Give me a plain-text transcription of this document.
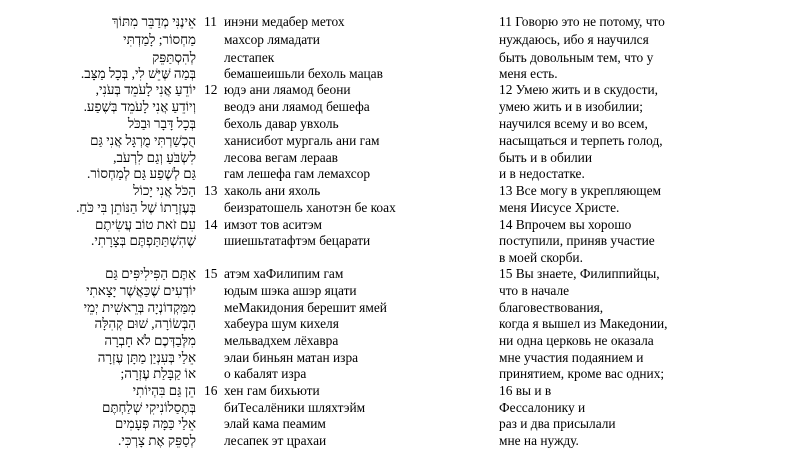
אֵינֶנִּי מְדַבֵּר מִתּוֹךְ 11 инэни медабер метох	11 Говорю это не потому, что
מַחְסוֹר; לָמַדְתִּי махсор лямадати	нуждаюсь, ибо я научился
לְהִסְתַּפֵּק лестапек	быть довольным тем, что у
בְּמַה שֶּׁיֵּשׁ לִי, בְּכָל מַצָּב. бемашеишьли бехоль мацав	меня есть.
יוֹדֵעַ אֲנִי לָעֹמֵד בְּעֹנִי, 12 юдэ ани ляамод беони	12 Умею жить и в скудости,
וְיוֹדֵעַ אֲנִי לָעֹמֵד בְּשֶׁפַע. веодэ ани ляамод бешефа	умею жить и в изобилии;
בְּכָל דָּבָר וּבַכֹּל бехоль давар увхоль	научился всему и во всем,
הֻכְשַׁרְתִּי מֻרְגָּל אֲנִי גַּם ханисибот мургаль ани гам	насыщаться и терпеть голод,
לִשְׂבֹּעַ וְגַם לִרְעֹב, лесова вегам лераав	быть и в обилии
גַּם לְשֶׁפַע גַּם לְמַחְסוֹר. гам лешефа гам лемахсор	и в недостатке.
הַכֹּל אֲנִי יָכוֹל 13 хаколь ани яхоль	13 Все могу в укрепляющем
בְּעֶזְרָתוֹ שֶׁל הַנּוֹתֵן בִּי כֹּחַ. беизратошель ханотэн бе коах	меня Иисусе Христе.
עִם זֹאת טוֹב עֲשִׂיתֶם 14 имзот тов аситэм	14 Впрочем вы хорошо
שֶׁהִשְׁתַּתַּפְתֶּם בְּצָרָתִי. шиешьтатафтэм бецарати	поступили, приняв участие
в моей скорби.
אַתֶּם הַפִּילִיפִּים גַּם 15 атэм хаФилипим гам	15 Вы знаете, Филиппийцы,
יוֹדְעִים שֶׁכַּאֲשֶׁר יָצָאתִי юдым шэка ашэр яцати	что в начале
מִמַּקְדוֹנְיָה בְּרֵאשִׁית יְמֵי меМакидония берешит ямей	благовествования,
הַבְּשׂוֹרָה, שׁוּם קְהִלָּה хабеура шум кихеля	когда я вышел из Македонии,
מִלְּבַדְּכֶם לֹא חָבְרָה мельвадхем лёхавра	ни одна церковь не оказала
אֵלַי בְּעִנְיַן מַתָּן עֶזְרָה элаи биньян матан изра	мне участия подаянием и
אוֹ קַבָּלַת עֶזְרָה; о кабалят изра	принятием, кроме вас одних;
הֵן גַּם בִּהְיוֹתִי 16 хен гам бихьюти	16 вы и в
בְּתֶסַלוֹנִיקִי שְׁלַחְתֶּם биТесалёники шляхтэйм	Фессалонику и
אֵלַי כַּמָּה פְּעָמִים элай кама пеамим	раз и два присылали
לְסַפֵּק אֶת צָרְכִּי. лесапек эт црахаи	мне на нужду.
